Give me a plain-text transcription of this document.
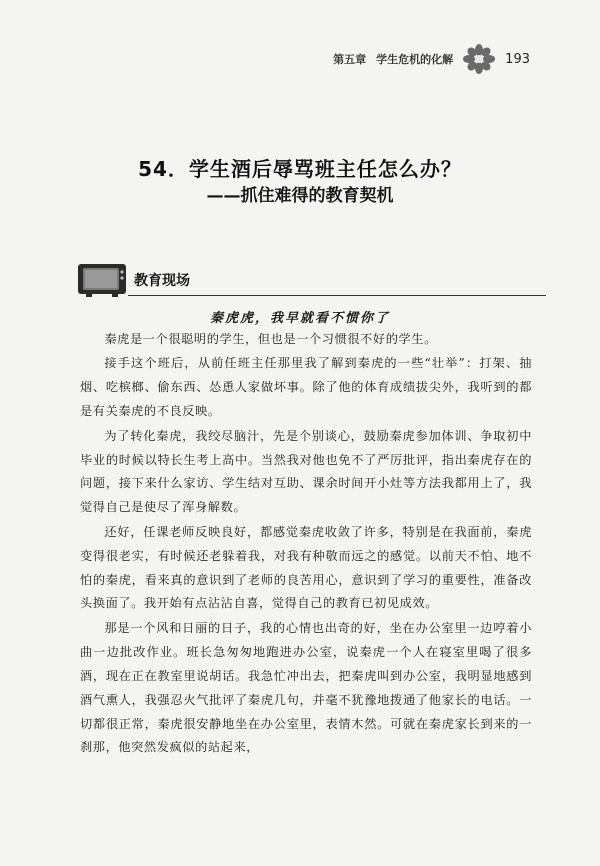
第五章 学生危机的化解	193
54．学生酒后辱骂班主任怎么办？
——抓住难得的教育契机
教育现场
秦虎虎，我早就看不惯你了

秦虎是一个很聪明的学生，但也是一个习惯很不好的学生。

接手这个班后，从前任班主任那里我了解到秦虎的一些“壮举”：打架、抽烟、吃槟榔、偷东西、怂恿人家做坏事。除了他的体育成绩拔尖外，我听到的都是有关秦虎的不良反映。

为了转化秦虎，我绞尽脑汁，先是个别谈心，鼓励秦虎参加体训、争取初中毕业的时候以特长生考上高中。当然我对他也免不了严厉批评，指出秦虎存在的问题，接下来什么家访、学生结对互助、课余时间开小灶等方法我都用上了，我觉得自己是使尽了浑身解数。

还好，任课老师反映良好，都感觉秦虎收敛了许多，特别是在我面前，秦虎变得很老实，有时候还老躲着我，对我有种敬而远之的感觉。以前天不怕、地不怕的秦虎，看来真的意识到了老师的良苦用心，意识到了学习的重要性，准备改头换面了。我开始有点沾沾自喜，觉得自己的教育已初见成效。

那是一个风和日丽的日子，我的心情也出奇的好，坐在办公室里一边哼着小曲一边批改作业。班长急匆匆地跑进办公室，说秦虎一个人在寝室里喝了很多酒，现在正在教室里说胡话。我急忙冲出去，把秦虎叫到办公室，我明显地感到酒气熏人，我强忍火气批评了秦虎几句，并毫不犹豫地拨通了他家长的电话。一切都很正常，秦虎很安静地坐在办公室里，表情木然。可就在秦虎家长到来的一刹那，他突然发疯似的站起来，
